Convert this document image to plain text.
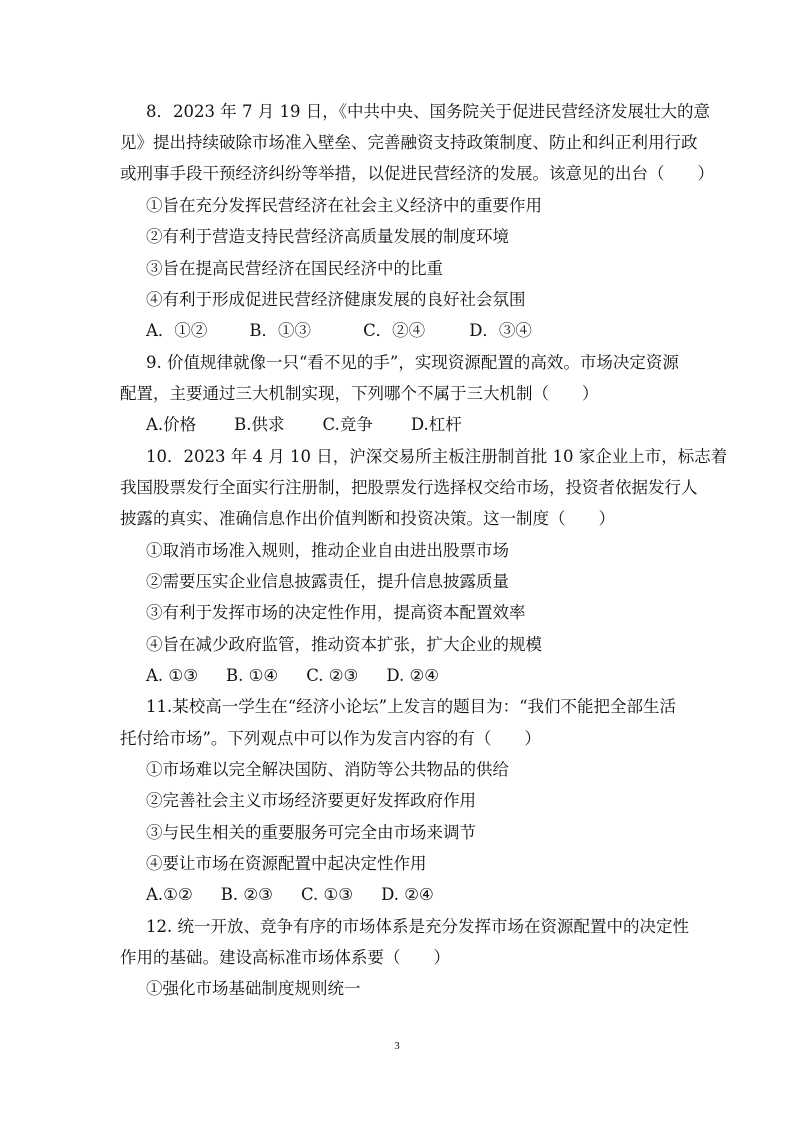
8．2023 年 7 月 19 日，《中共中央、国务院关于促进民营经济发展壮大的意
见》提出持续破除市场准入壁垒、完善融资支持政策制度、防止和纠正利用行政
或刑事手段干预经济纠纷等举措，以促进民营经济的发展。该意见的出台（　　）
①旨在充分发挥民营经济在社会主义经济中的重要作用
②有利于营造支持民营经济高质量发展的制度环境
③旨在提高民营经济在国民经济中的比重
④有利于形成促进民营经济健康发展的良好社会氛围
A．①②	B．①③	C．②④	D．③④
9. 价值规律就像一只“看不见的手”，实现资源配置的高效。市场决定资源
配置，主要通过三大机制实现，下列哪个不属于三大机制（　　）
A.价格 B.供求 C.竞争 D.杠杆
10．2023 年 4 月 10 日，沪深交易所主板注册制首批 10 家企业上市，标志着
我国股票发行全面实行注册制，把股票发行选择权交给市场，投资者依据发行人
披露的真实、准确信息作出价值判断和投资决策。这一制度（　　）
①取消市场准入规则，推动企业自由进出股票市场
②需要压实企业信息披露责任，提升信息披露质量
③有利于发挥市场的决定性作用，提高资本配置效率
④旨在减少政府监管，推动资本扩张，扩大企业的规模
A. ①③ B. ①④ C. ②③ D. ②④
11.某校高一学生在“经济小论坛”上发言的题目为：“我们不能把全部生活
托付给市场”。下列观点中可以作为发言内容的有（　　）
①市场难以完全解决国防、消防等公共物品的供给
②完善社会主义市场经济要更好发挥政府作用
③与民生相关的重要服务可完全由市场来调节
④要让市场在资源配置中起决定性作用
A.①② B. ②③ C. ①③ D. ②④
12. 统一开放、竞争有序的市场体系是充分发挥市场在资源配置中的决定性
作用的基础。建设高标准市场体系要（　　）
①强化市场基础制度规则统一
3
